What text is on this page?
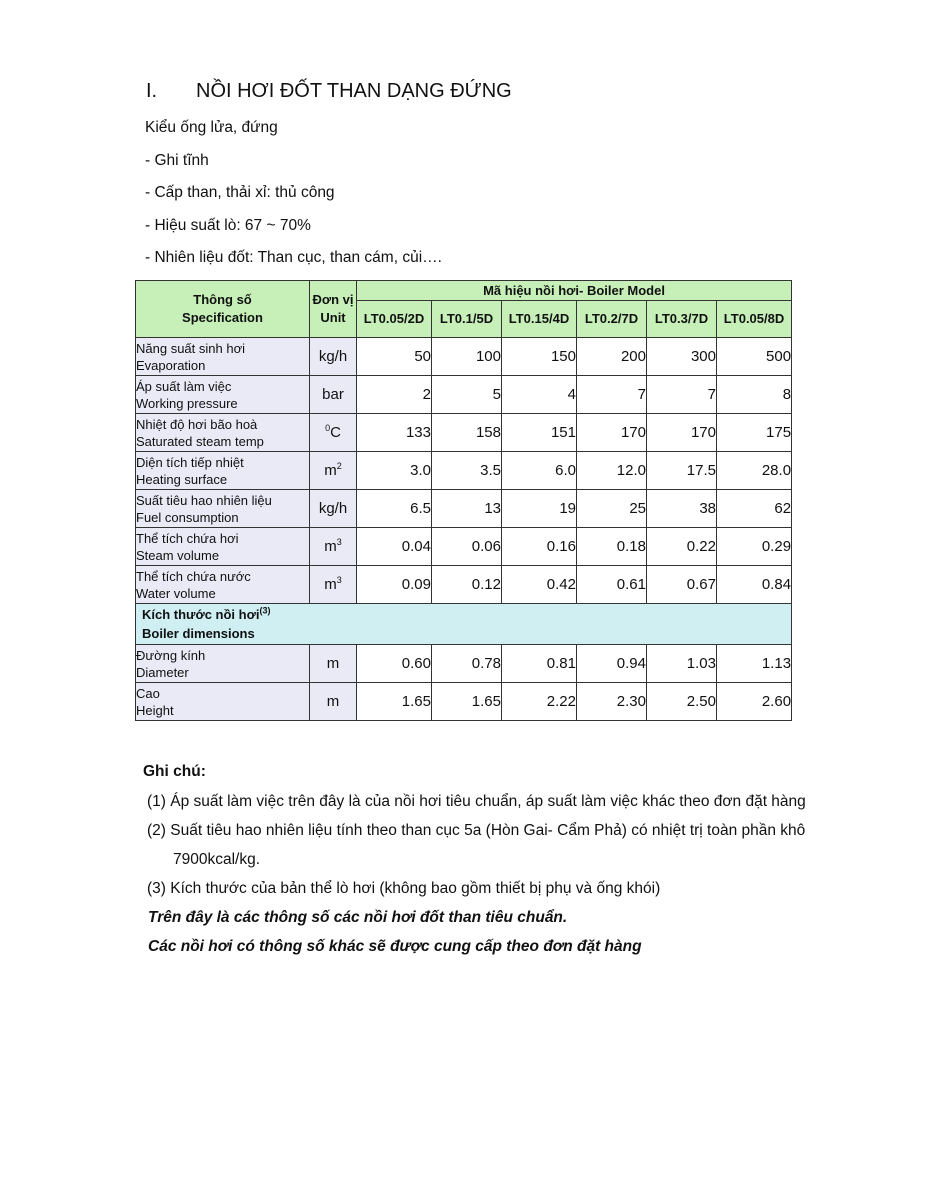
I. NỒI HƠI ĐỐT THAN DẠNG ĐỨNG
Kiểu ống lửa, đứng
- Ghi tĩnh
- Cấp than, thải xỉ: thủ công
- Hiệu suất lò: 67 ~ 70%
- Nhiên liệu đốt: Than cục, than cám, củi….
Thông số
Specification	Đơn vị
Unit	Mã hiệu nồi hơi- Boiler Model					
		LT0.05/2D	LT0.1/5D	LT0.15/4D	LT0.2/7D	LT0.3/7D	LT0.05/8D
Năng suất sinh hơi
Evaporation	kg/h	50	100	150	200	300	500
Áp suất làm việc
Working pressure	bar	2	5	4	7	7	8
Nhiệt độ hơi bão hoà
Saturated steam temp	$^0$C	133	158	151	170	170	175
Diện tích tiếp nhiệt
Heating surface	$m^2$	3.0	3.5	6.0	12.0	17.5	28.0
Suất tiêu hao nhiên liệu
Fuel consumption	kg/h	6.5	13	19	25	38	62
Thể tích chứa hơi
Steam volume	$m^3$	0.04	0.06	0.16	0.18	0.22	0.29
Thể tích chứa nước
Water volume	$m^3$	0.09	0.12	0.42	0.61	0.67	0.84
Kích thước nồi hơi$^{(3)}$
Boiler dimensions							
Đường kính
Diameter	m	0.60	0.78	0.81	0.94	1.03	1.13
Cao
Height	m	1.65	1.65	2.22	2.30	2.50	2.60
Ghi chú:
(1) Áp suất làm việc trên đây là của nồi hơi tiêu chuẩn, áp suất làm việc khác theo đơn đặt hàng
(2) Suất tiêu hao nhiên liệu tính theo than cục 5a (Hòn Gai- Cẩm Phả) có nhiệt trị toàn phần khô 7900kcal/kg.
(3) Kích thước của bản thể lò hơi (không bao gồm thiết bị phụ và ống khói)
Trên đây là các thông số các nồi hơi đốt than tiêu chuẩn.
Các nồi hơi có thông số khác sẽ được cung cấp theo đơn đặt hàng
